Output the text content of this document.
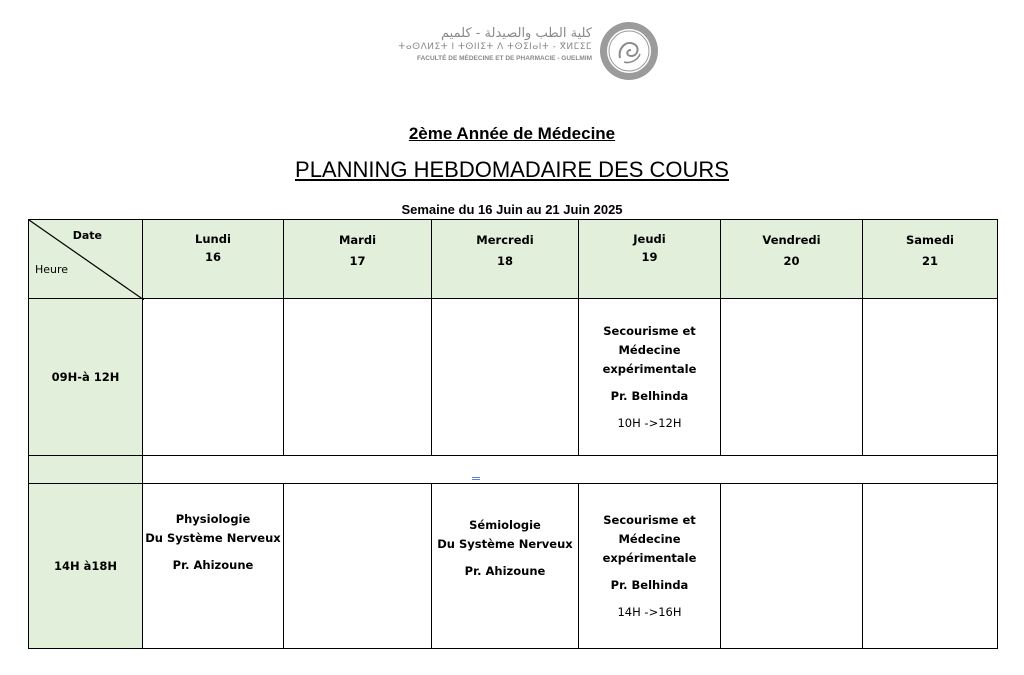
كلية الطب والصيدلة - كلميم
ⵜⴰⵙⴷⵍⵉⵜ ⵏ ⵜⵙⵏⵏⵉⵜ ⴷ ⵜⵙⵉⵏⴰⵏⵜ - ⴳⵍⵎⵉⵎ
FACULTÉ DE MÉDECINE ET DE PHARMACIE - GUELMIM
2ème Année de Médecine
PLANNING HEBDOMADAIRE DES COURS
Semaine du 16 Juin au 21 Juin 2025
Date
Heure
Lundi
16
Mardi
17
Mercredi
18
Jeudi
19
Vendredi
20
Samedi
21
09H-à 12H
Secourisme et
Médecine
expérimentale
Pr. Belhinda
10H ->12H
14H à18H
Physiologie
Du Système Nerveux
Pr. Ahizoune
Sémiologie
Du Système Nerveux
Pr. Ahizoune
Secourisme et
Médecine
expérimentale
Pr. Belhinda
14H ->16H
